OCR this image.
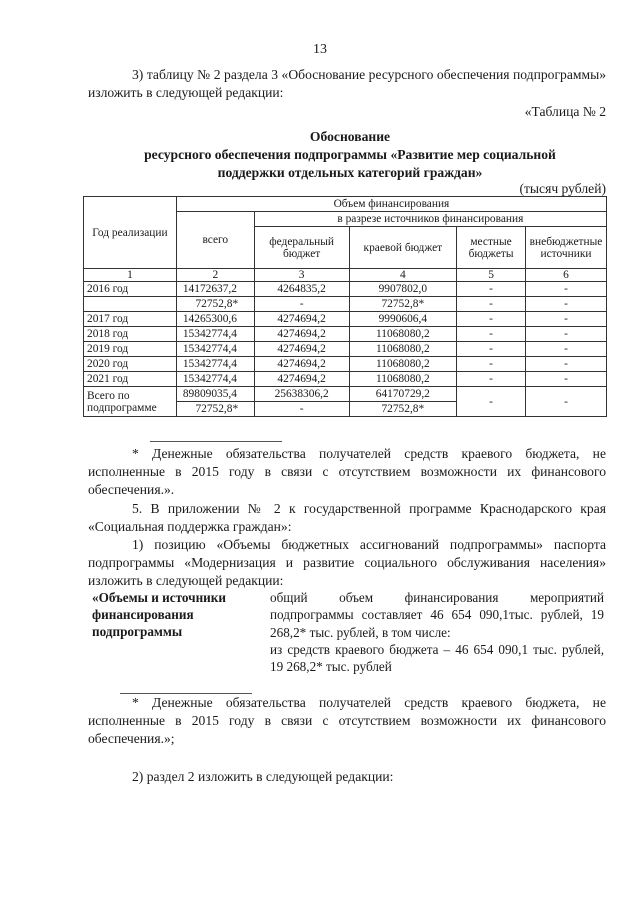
13
3) таблицу № 2 раздела 3 «Обоснование ресурсного обеспечения подпрограммы» изложить в следующей редакции:
«Таблица № 2
Обоснование
ресурсного обеспечения подпрограммы «Развитие мер социальной
поддержки отдельных категорий граждан»
(тысяч рублей)
Год реализации	Объем финансирования				
	всего	в разрезе источников финансирования			
		федеральный бюджет	краевой бюджет	местные бюджеты	внебюджетные источники
1	2	3	4	5	6
2016 год	14172637,2	4264835,2	9907802,0	-	-
	72752,8*	-	72752,8*	-	-
2017 год	14265300,6	4274694,2	9990606,4	-	-
2018 год	15342774,4	4274694,2	11068080,2	-	-
2019 год	15342774,4	4274694,2	11068080,2	-	-
2020 год	15342774,4	4274694,2	11068080,2	-	-
2021 год	15342774,4	4274694,2	11068080,2	-	-
Всего по подпрограмме	89809035,4	25638306,2	64170729,2	-	-
	72752,8*	-	72752,8*		
* Денежные обязательства получателей средств краевого бюджета, не исполненные в 2015 году в связи с отсутствием возможности их финансового обеспечения.».
5. В приложении № 2 к государственной программе Краснодарского края «Социальная поддержка граждан»:
1) позицию «Объемы бюджетных ассигнований подпрограммы» паспорта подпрограммы «Модернизация и развитие социального обслуживания населения» изложить в следующей редакции:
«Объемы и источники финансирования подпрограммы
общий объем финансирования мероприятий подпрограммы составляет 46 654 090,1тыс. рублей, 19 268,2* тыс. рублей, в том числе:
из средств краевого бюджета – 46 654 090,1 тыс. рублей, 19 268,2* тыс. рублей
* Денежные обязательства получателей средств краевого бюджета, не исполненные в 2015 году в связи с отсутствием возможности их финансового обеспечения.»;
2) раздел 2 изложить в следующей редакции:
